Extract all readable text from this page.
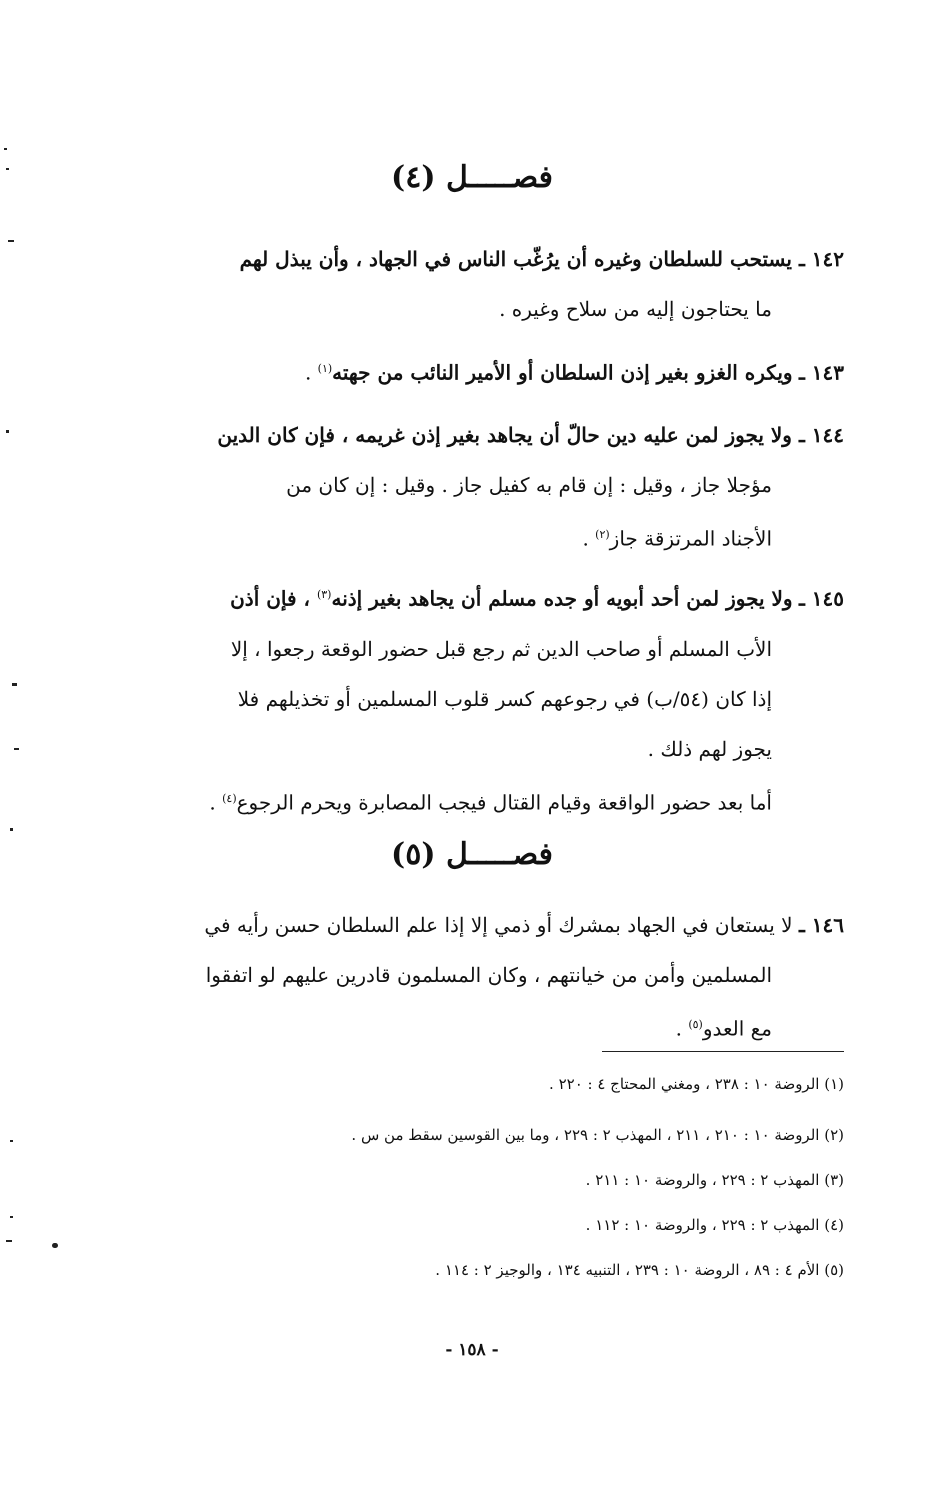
فصـــــل (٤)
١٤٢ ـ يستحب للسلطان وغيره أن يرُغّب الناس في الجهاد ، وأن يبذل لهم
ما يحتاجون إليه من سلاح وغيره .
١٤٣ ـ ويكره الغزو بغير إذن السلطان أو الأمير النائب من جهته$^{(١)}$ .
١٤٤ ـ ولا يجوز لمن عليه دين حالّ أن يجاهد بغير إذن غريمه ، فإن كان الدين
مؤجلا جاز ، وقيل : إن قام به كفيل جاز . وقيل : إن كان من
الأجناد المرتزقة جاز$^{(٢)}$ .
١٤٥ ـ ولا يجوز لمن أحد أبويه أو جده مسلم أن يجاهد بغير إذنه$^{(٣)}$ ، فإن أذن
الأب المسلم أو صاحب الدين ثم رجع قبل حضور الوقعة رجعوا ، إلا
إذا كان (٥٤/ب) في رجوعهم كسر قلوب المسلمين أو تخذيلهم فلا
يجوز لهم ذلك .
أما بعد حضور الواقعة وقيام القتال فيجب المصابرة ويحرم الرجوع$^{(٤)}$ .
فصـــــل (٥)
١٤٦ ـ لا يستعان في الجهاد بمشرك أو ذمي إلا إذا علم السلطان حسن رأيه في
المسلمين وأمن من خيانتهم ، وكان المسلمون قادرين عليهم لو اتفقوا
مع العدو$^{(٥)}$ .
(١) الروضة ١٠ : ٢٣٨ ، ومغني المحتاج ٤ : ٢٢٠ .
(٢) الروضة ١٠ : ٢١٠ ، ٢١١ ، المهذب ٢ : ٢٢٩ ، وما بين القوسين سقط من س .
(٣) المهذب ٢ : ٢٢٩ ، والروضة ١٠ : ٢١١ .
(٤) المهذب ٢ : ٢٢٩ ، والروضة ١٠ : ١١٢ .
(٥) الأم ٤ : ٨٩ ، الروضة ١٠ : ٢٣٩ ، التنبيه ١٣٤ ، والوجيز ٢ : ١١٤ .
- ١٥٨ -
